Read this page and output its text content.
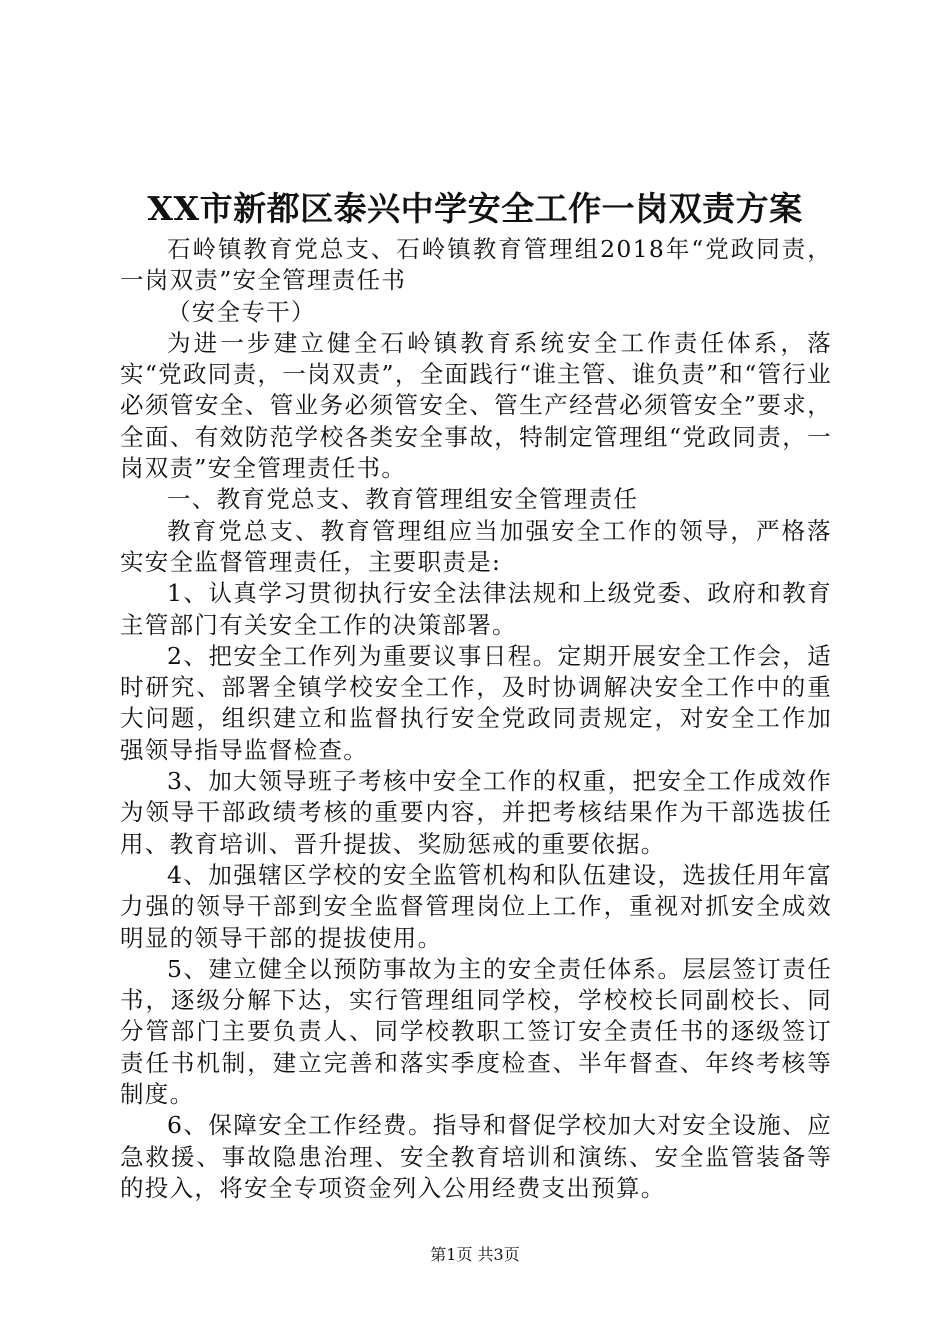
XX市新都区泰兴中学安全工作一岗双责方案

石岭镇教育党总支、石岭镇教育管理组2018年“党政同责，一岗双责”安全管理责任书

（安全专干）

为进一步建立健全石岭镇教育系统安全工作责任体系，落实“党政同责，一岗双责”，全面践行“谁主管、谁负责”和“管行业必须管安全、管业务必须管安全、管生产经营必须管安全”要求，全面、有效防范学校各类安全事故，特制定管理组“党政同责，一岗双责”安全管理责任书。

一、教育党总支、教育管理组安全管理责任

教育党总支、教育管理组应当加强安全工作的领导，严格落实安全监督管理责任，主要职责是:

1、认真学习贯彻执行安全法律法规和上级党委、政府和教育主管部门有关安全工作的决策部署。

2、把安全工作列为重要议事日程。定期开展安全工作会，适时研究、部署全镇学校安全工作，及时协调解决安全工作中的重大问题，组织建立和监督执行安全党政同责规定，对安全工作加强领导指导监督检查。

3、加大领导班子考核中安全工作的权重，把安全工作成效作为领导干部政绩考核的重要内容，并把考核结果作为干部选拔任用、教育培训、晋升提拔、奖励惩戒的重要依据。

4、加强辖区学校的安全监管机构和队伍建设，选拔任用年富力强的领导干部到安全监督管理岗位上工作，重视对抓安全成效明显的领导干部的提拔使用。

5、建立健全以预防事故为主的安全责任体系。层层签订责任书，逐级分解下达，实行管理组同学校，学校校长同副校长、同分管部门主要负责人、同学校教职工签订安全责任书的逐级签订责任书机制，建立完善和落实季度检查、半年督查、年终考核等制度。

6、保障安全工作经费。指导和督促学校加大对安全设施、应急救援、事故隐患治理、安全教育培训和演练、安全监管装备等的投入，将安全专项资金列入公用经费支出预算。

第1页 共3页
